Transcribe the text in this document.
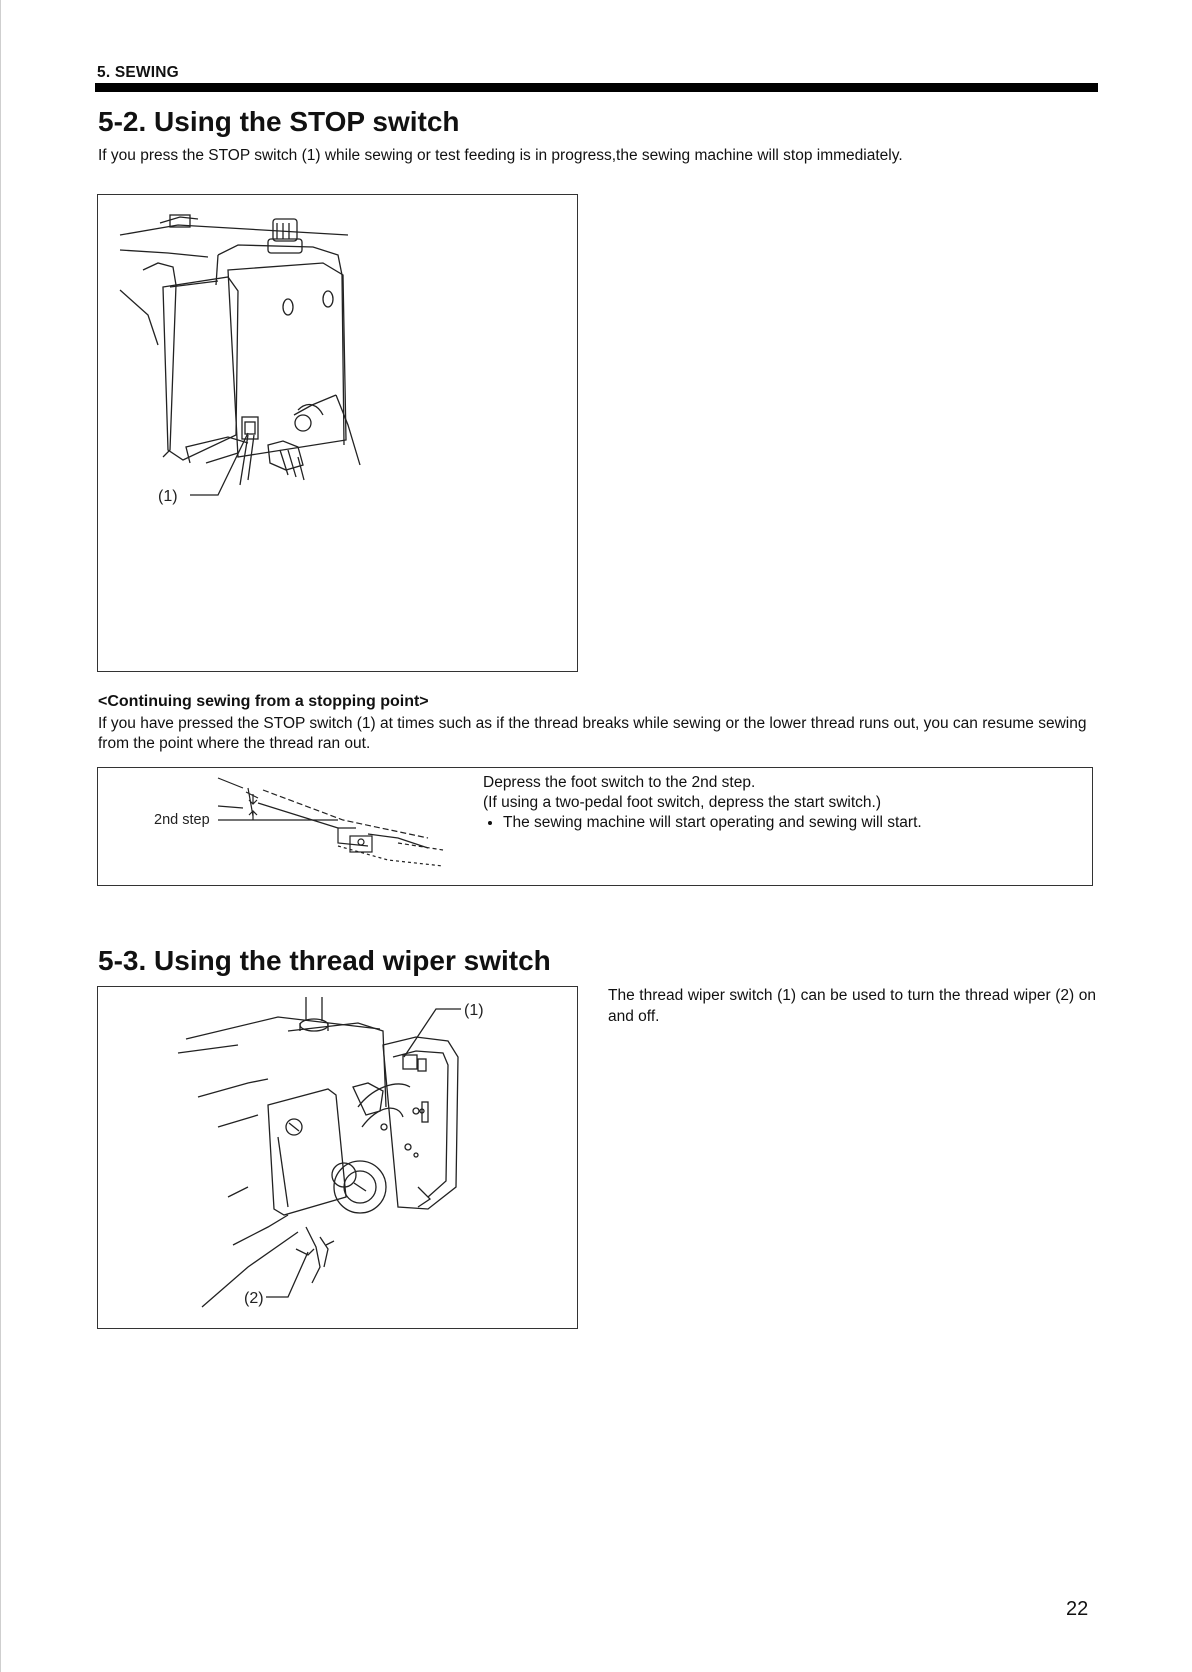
5. SEWING
5-2. Using the STOP switch
If you press the STOP switch (1) while sewing or test feeding is in progress,the sewing machine will stop immediately.
(1)
<Continuing sewing from a stopping point>
If you have pressed the STOP switch (1) at times such as if the thread breaks while sewing or the lower thread runs out, you can resume sewing from the point where the thread ran out.
2nd step
Depress the foot switch to the 2nd step.
(If using a two-pedal foot switch, depress the start switch.)
• The sewing machine will start operating and sewing will start.
5-3. Using the thread wiper switch
(1)
(2)
The thread wiper switch (1) can be used to turn the thread wiper (2) on and off.
22
